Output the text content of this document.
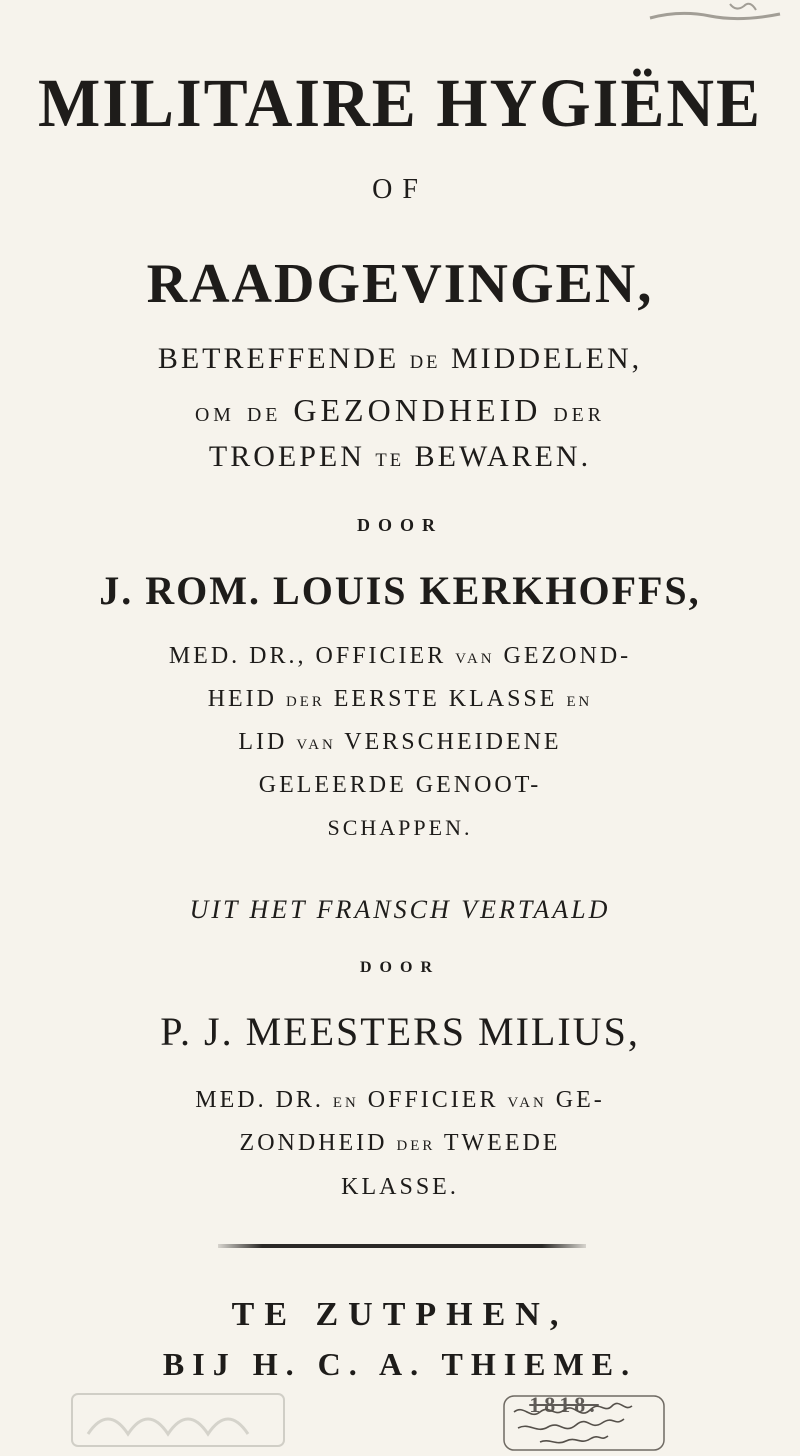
MILITAIRE HYGIËNE
OF
RAADGEVINGEN,
BETREFFENDE DE MIDDELEN,
OM DE GEZONDHEID DER
TROEPEN TE BEWAREN.
DOOR
J. ROM. LOUIS KERKHOFFS,
MED. DR., OFFICIER VAN GEZOND-
HEID DER EERSTE KLASSE EN
LID VAN VERSCHEIDENE
GELEERDE GENOOT-
SCHAPPEN.
UIT HET FRANSCH VERTAALD
DOOR
P. J. MEESTERS MILIUS,
MED. DR. EN OFFICIER VAN GE-
ZONDHEID DER TWEEDE
KLASSE.
TE ZUTPHEN,
BIJ H. C. A. THIEME.
1818.
